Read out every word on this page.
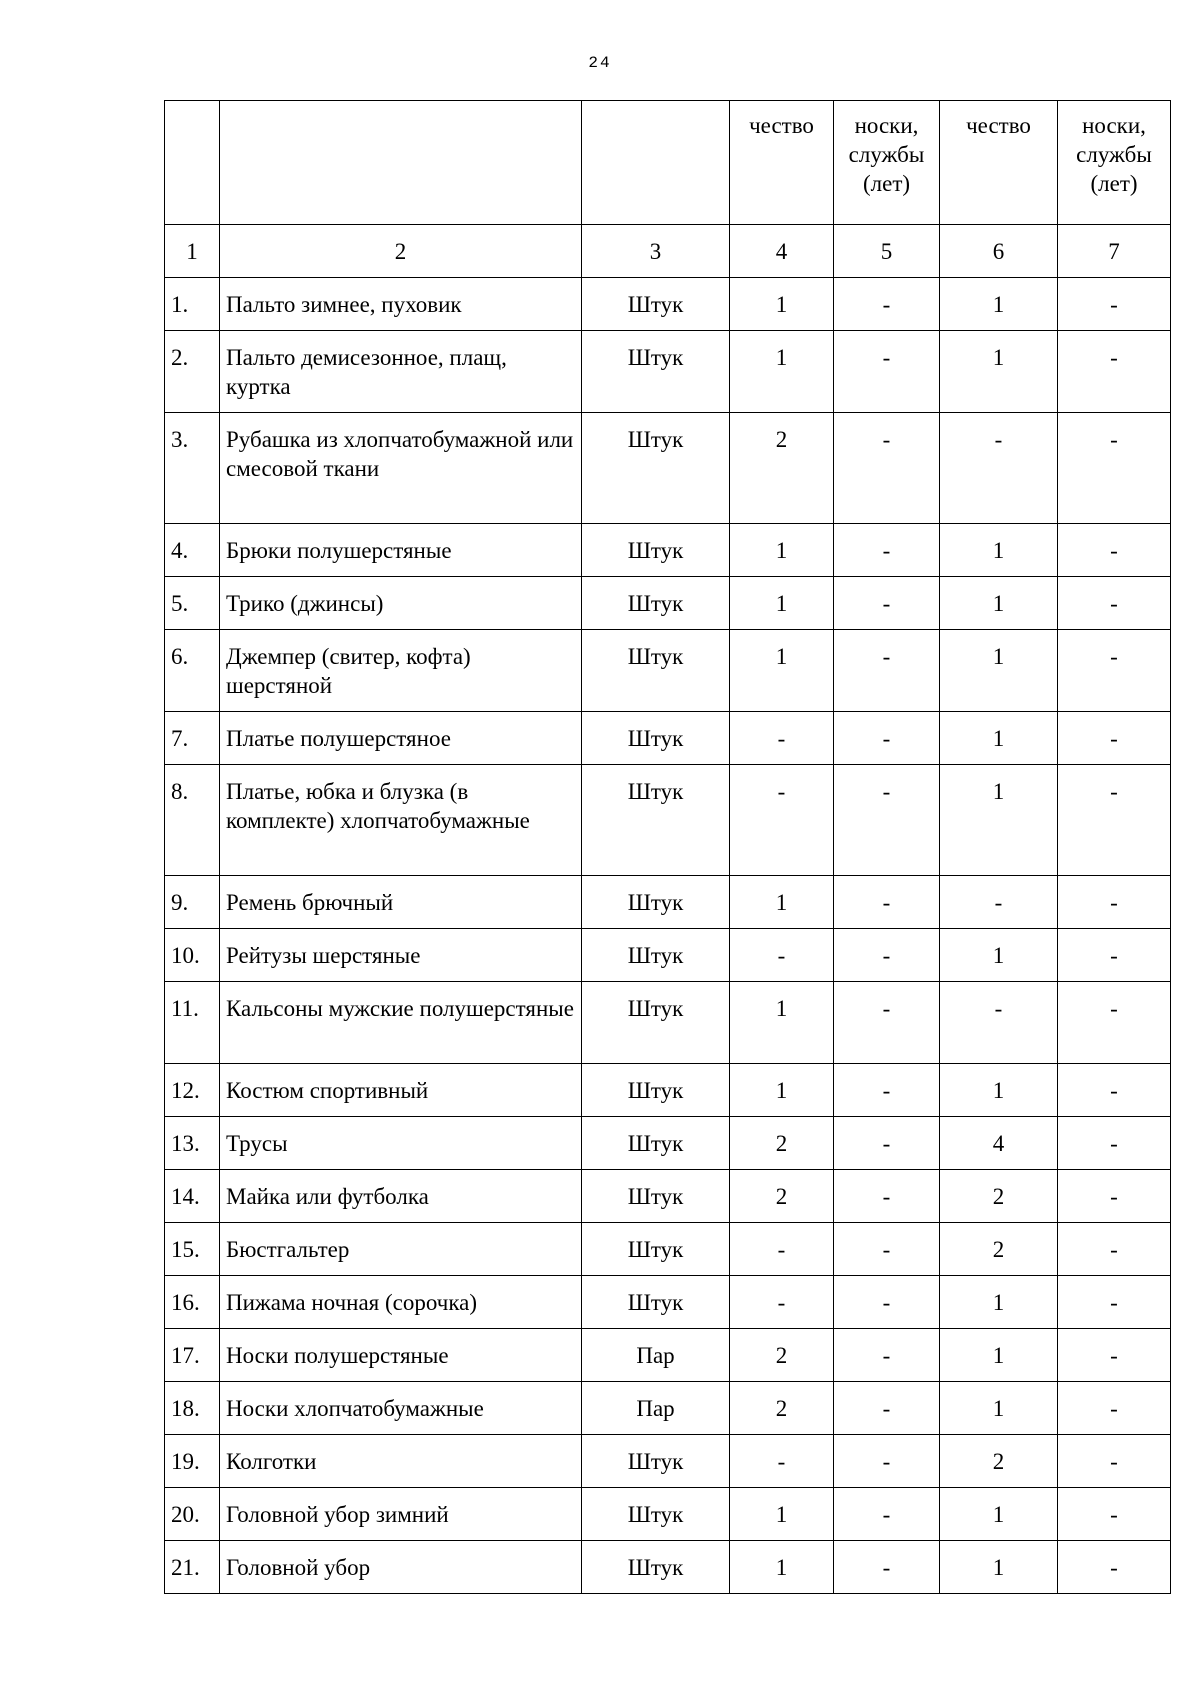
24
			чество	носки, службы (лет)	чество	носки, службы (лет)
1	2	3	4	5	6	7
1.	Пальто зимнее, пуховик	Штук	1	-	1	-
2.	Пальто демисезонное, плащ, куртка	Штук	1	-	1	-
3.	Рубашка из хлопчатобумажной или смесовой ткани	Штук	2	-	-	-
4.	Брюки полушерстяные	Штук	1	-	1	-
5.	Трико (джинсы)	Штук	1	-	1	-
6.	Джемпер (свитер, кофта) шерстяной	Штук	1	-	1	-
7.	Платье полушерстяное	Штук	-	-	1	-
8.	Платье, юбка и блузка (в комплекте) хлопчатобумажные	Штук	-	-	1	-
9.	Ремень брючный	Штук	1	-	-	-
10.	Рейтузы шерстяные	Штук	-	-	1	-
11.	Кальсоны мужские полушерстяные	Штук	1	-	-	-
12.	Костюм спортивный	Штук	1	-	1	-
13.	Трусы	Штук	2	-	4	-
14.	Майка или футболка	Штук	2	-	2	-
15.	Бюстгальтер	Штук	-	-	2	-
16.	Пижама ночная (сорочка)	Штук	-	-	1	-
17.	Носки полушерстяные	Пар	2	-	1	-
18.	Носки хлопчатобумажные	Пар	2	-	1	-
19.	Колготки	Штук	-	-	2	-
20.	Головной убор зимний	Штук	1	-	1	-
21.	Головной убор	Штук	1	-	1	-
